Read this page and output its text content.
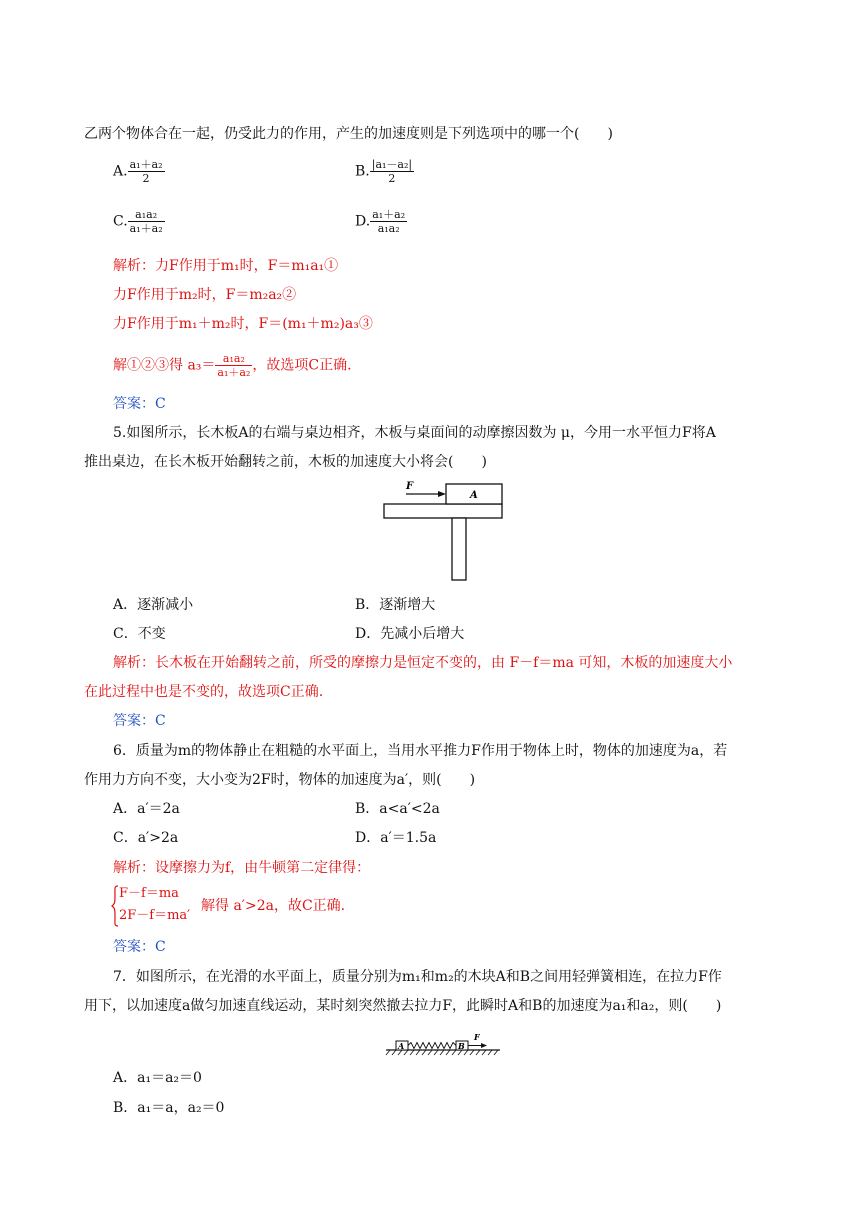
乙两个物体合在一起，仍受此力的作用，产生的加速度则是下列选项中的哪一个(　　)
A. $\frac{\text{a₁＋a₂}}{2}$	B. $\frac{\text{|a₁－a₂|}}{2}$
C. $\frac{\text{a₁a₂}}{\text{a₁＋a₂}}$	D. $\frac{\text{a₁＋a₂}}{\text{a₁a₂}}$
解析：力F作用于m₁时，F＝m₁a₁①
力F作用于m₂时，F＝m₂a₂②
力F作用于m₁＋m₂时，F＝(m₁＋m₂)a₃③
解①②③得 $a_3= \frac{\text{a₁a₂}}{\text{a₁＋a₂}}$ ，故选项C正确.
答案：C
5.如图所示，长木板A的右端与桌边相齐，木板与桌面间的动摩擦因数为 μ，今用一水平恒力F将A
推出桌边，在长木板开始翻转之前，木板的加速度大小将会(　　)
F
A
A．逐渐减小	B．逐渐增大
C．不变	D．先减小后增大
解析：长木板在开始翻转之前，所受的摩擦力是恒定不变的，由 F－f＝ma 可知，木板的加速度大小
在此过程中也是不变的，故选项C正确.
答案：C
6．质量为m的物体静止在粗糙的水平面上，当用水平推力F作用于物体上时，物体的加速度为a，若
作用力方向不变，大小变为2F时，物体的加速度为a′，则(　　)
A．a′＝2a	B．a<a′<2a
C．a′>2a	D．a′＝1.5a
解析：设摩擦力为f，由牛顿第二定律得：
F－f＝ma
2F－f＝ma′
解得 a′>2a，故C正确.
答案：C
7．如图所示，在光滑的水平面上，质量分别为m₁和m₂的木块A和B之间用轻弹簧相连，在拉力F作
用下，以加速度a做匀加速直线运动，某时刻突然撤去拉力F，此瞬时A和B的加速度为a₁和a₂，则(　　)
A	B
F
A．a₁＝a₂＝0
B．a₁＝a，a₂＝0
